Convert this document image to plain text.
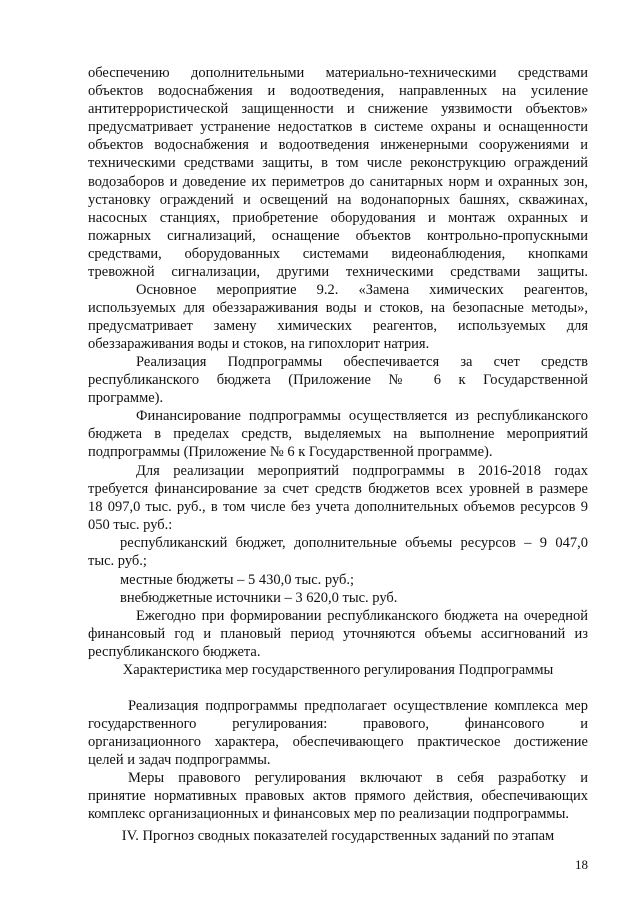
обеспечению дополнительными материально-техническими средствами
объектов водоснабжения и водоотведения, направленных на усиление
антитеррористической защищенности и снижение уязвимости объектов»
предусматривает устранение недостатков в системе охраны и оснащенности
объектов водоснабжения и водоотведения инженерными сооружениями и
техническими средствами защиты, в том числе реконструкцию ограждений
водозаборов и доведение их периметров до санитарных норм и охранных зон,
установку ограждений и освещений на водонапорных башнях, скважинах,
насосных станциях, приобретение оборудования и монтаж охранных и
пожарных сигнализаций, оснащение объектов контрольно-пропускными
средствами, оборудованных системами видеонаблюдения, кнопками
тревожной сигнализации, другими техническими средствами защиты.

Основное мероприятие 9.2. «Замена химических реагентов,
используемых для обеззараживания воды и стоков, на безопасные методы»,
предусматривает замену химических реагентов, используемых для
обеззараживания воды и стоков, на гипохлорит натрия.

Реализация Подпрограммы обеспечивается за счет средств
республиканского бюджета (Приложение № 6 к Государственной
программе).

Финансирование подпрограммы осуществляется из республиканского
бюджета в пределах средств, выделяемых на выполнение мероприятий
подпрограммы (Приложение № 6 к Государственной программе).

Для реализации мероприятий подпрограммы в 2016-2018 годах
требуется финансирование за счет средств бюджетов всех уровней в размере
18 097,0 тыс. руб., в том числе без учета дополнительных объемов ресурсов 9
050 тыс. руб.:

республиканский бюджет, дополнительные объемы ресурсов – 9 047,0
тыс. руб.;

местные бюджеты – 5 430,0 тыс. руб.;

внебюджетные источники – 3 620,0 тыс. руб.

Ежегодно при формировании республиканского бюджета на очередной
финансовый год и плановый период уточняются объемы ассигнований из
республиканского бюджета.

Характеристика мер государственного регулирования Подпрограммы

Реализация подпрограммы предполагает осуществление комплекса мер
государственного регулирования: правового, финансового и
организационного характера, обеспечивающего практическое достижение
целей и задач подпрограммы.

Меры правового регулирования включают в себя разработку и
принятие нормативных правовых актов прямого действия, обеспечивающих
комплекс организационных и финансовых мер по реализации подпрограммы.

IV. Прогноз сводных показателей государственных заданий по этапам

18
